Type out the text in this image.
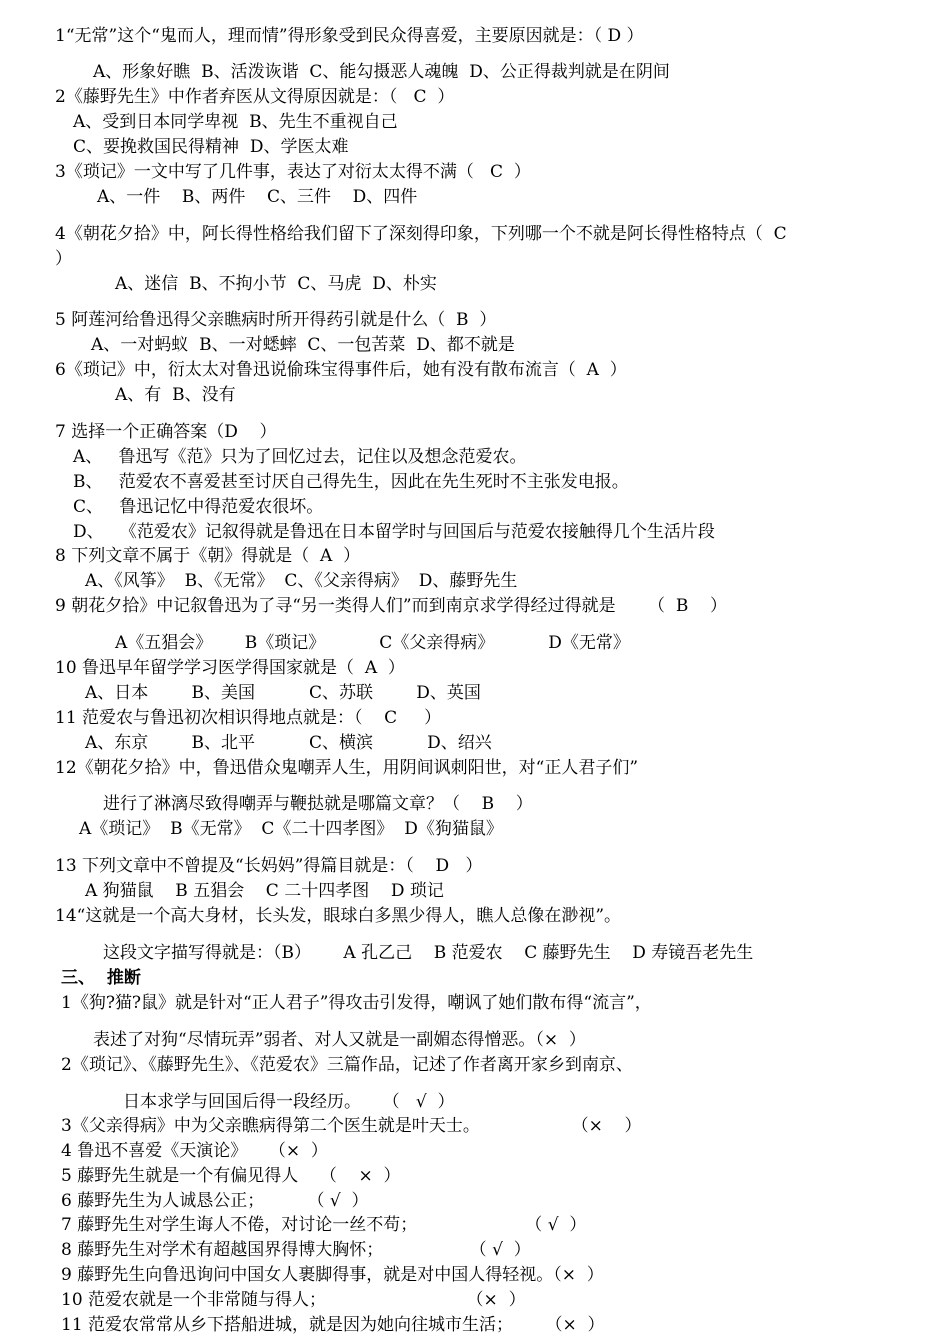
1“无常”这个“鬼而人，理而情”得形象受到民众得喜爱，主要原因就是：（ D ）
A、形象好瞧  B、活泼诙谐  C、能勾摄恶人魂魄  D、公正得裁判就是在阴间
2《藤野先生》中作者弃医从文得原因就是：（   C  ）
A、受到日本同学卑视  B、先生不重视自己
C、要挽救国民得精神  D、学医太难
3《琐记》一文中写了几件事，表达了对衍太太得不满（   C  ）
A、一件    B、两件    C、三件    D、四件
4《朝花夕拾》中，阿长得性格给我们留下了深刻得印象，下列哪一个不就是阿长得性格特点（  C
）
A、迷信  B、不拘小节  C、马虎  D、朴实
5 阿莲河给鲁迅得父亲瞧病时所开得药引就是什么（  B  ）
A、一对蚂蚁  B、一对蟋蟀  C、一包苦菜  D、都不就是
6《琐记》中，衍太太对鲁迅说偷珠宝得事件后，她有没有散布流言（  A  ）
A、有  B、没有
7 选择一个正确答案（D    ）
A、   鲁迅写《范》只为了回忆过去，记住以及想念范爱农。
B、   范爱农不喜爱甚至讨厌自己得先生，因此在先生死时不主张发电报。
C、   鲁迅记忆中得范爱农很坏。
D、   《范爱农》记叙得就是鲁迅在日本留学时与回国后与范爱农接触得几个生活片段
8 下列文章不属于《朝》得就是（  A  ）
A、《风筝》  B、《无常》  C、《父亲得病》  D、藤野先生
9 朝花夕拾》中记叙鲁迅为了寻“另一类得人们”而到南京求学得经过得就是      （  B    ）
A《五猖会》      B《琐记》          C《父亲得病》          D《无常》
10 鲁迅早年留学学习医学得国家就是（  A  ）
A、日本        B、美国          C、苏联        D、英国
11 范爱农与鲁迅初次相识得地点就是：（    C     ）
A、东京        B、北平          C、横滨          D、绍兴
12《朝花夕拾》中，鲁迅借众鬼嘲弄人生，用阴间讽刺阳世，对“正人君子们”
进行了淋漓尽致得嘲弄与鞭挞就是哪篇文章？（    B    ）
A《琐记》  B《无常》  C《二十四孝图》  D《狗猫鼠》
13 下列文章中不曾提及“长妈妈”得篇目就是：（    D   ）
A 狗猫鼠    B 五猖会    C 二十四孝图    D 琐记
14“这就是一个高大身材，长头发，眼球白多黑少得人，瞧人总像在渺视”。
这段文字描写得就是：（B）      A 孔乙己    B 范爱农    C 藤野先生    D 寿镜吾老先生
三、  推断
1《狗?猫?鼠》就是针对“正人君子”得攻击引发得，嘲讽了她们散布得“流言”，
表述了对狗“尽情玩弄”弱者、对人又就是一副媚态得憎恶。（×  ）
2《琐记》、《藤野先生》、《范爱农》三篇作品，记述了作者离开家乡到南京、
日本求学与回国后得一段经历。    （   √  ）
3《父亲得病》中为父亲瞧病得第二个医生就是叶天士。                 （×    ）
4 鲁迅不喜爱《天演论》    （×  ）
5 藤野先生就是一个有偏见得人    （    ×  ）
6 藤野先生为人诚恳公正；        （ √  ）
7 藤野先生对学生诲人不倦，对讨论一丝不苟；                    （ √  ）
8 藤野先生对学术有超越国界得博大胸怀；                （ √  ）
9 藤野先生向鲁迅询问中国女人裹脚得事，就是对中国人得轻视。（×  ）
10 范爱农就是一个非常随与得人；                          （×  ）
11 范爱农常常从乡下搭船进城，就是因为她向往城市生活；      （×  ）
